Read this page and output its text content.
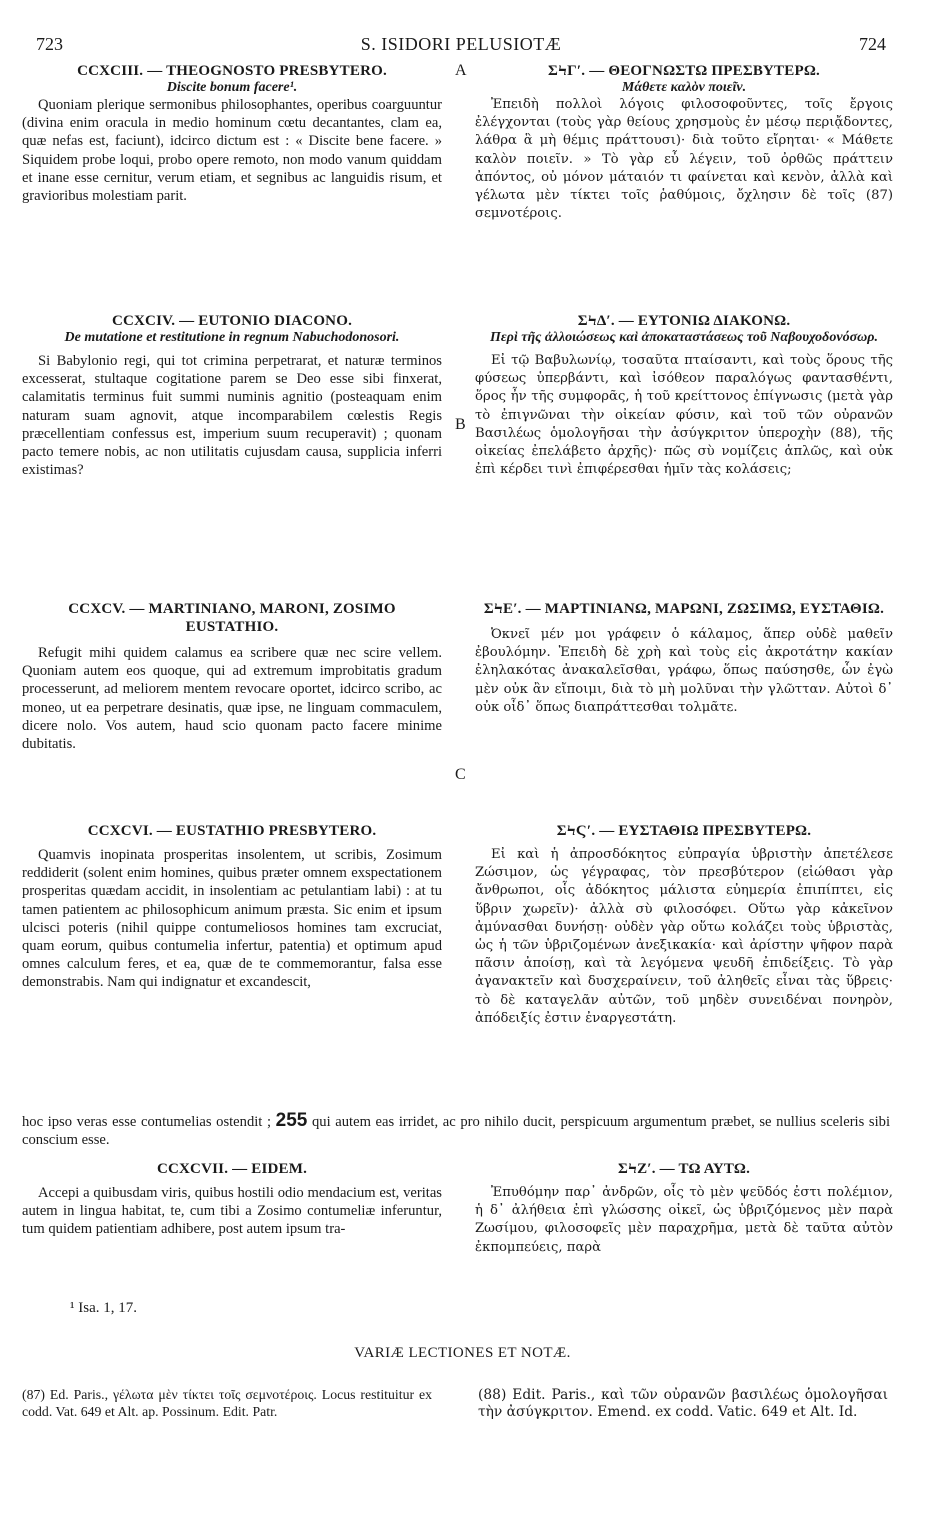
723	S. ISIDORI PELUSIOTÆ	724
A
B
C
CCXCIII. — THEOGNOSTO PRESBYTERO.
Discite bonum facere¹.

Quoniam plerique sermonibus philosophantes, operibus coarguuntur (divina enim oracula in medio hominum cœtu decantantes, clam ea, quæ nefas est, faciunt), idcirco dictum est : « Discite bene facere. » Siquidem probe loqui, probo opere remoto, non modo vanum quiddam et inane esse cernitur, verum etiam, et segnibus ac languidis risum, et gravioribus molestiam parit.

CCXCIV. — EUTONIO DIACONO.
De mutatione et restitutione in regnum Nabuchodonosori.

Si Babylonio regi, qui tot crimina perpetrarat, et naturæ terminos excesserat, stultaque cogitatione parem se Deo esse sibi finxerat, calamitatis terminus fuit summi numinis agnitio (posteaquam enim naturam suam agnovit, atque incomparabilem cœlestis Regis præcellentiam confessus est, imperium suum recuperavit) ; quonam pacto temere nobis, ac non utilitatis cujusdam causa, supplicia inferri existimas?

CCXCV. — MARTINIANO, MARONI, ZOSIMO EUSTATHIO.

Refugit mihi quidem calamus ea scribere quæ nec scire vellem. Quoniam autem eos quoque, qui ad extremum improbitatis gradum processerunt, ad meliorem mentem revocare oportet, idcirco scribo, ac moneo, ut ea perpetrare desinatis, quæ ipse, ne linguam commaculem, dicere nolo. Vos autem, haud scio quonam pacto facere minime dubitatis.

CCXCVI. — EUSTATHIO PRESBYTERO.

Quamvis inopinata prosperitas insolentem, ut scribis, Zosimum reddiderit (solent enim homines, quibus præter omnem exspectationem prosperitas quædam accidit, in insolentiam ac petulantiam labi) : at tu tamen patientem ac philosophicum animum præsta. Sic enim et ipsum ulcisci poteris (nihil quippe contumeliosos homines tam excruciat, quam eorum, quibus contumelia infertur, patentia) et optimum apud omnes calculum feres, et ea, quæ de te commemorantur, falsa esse demonstrabis. Nam qui indignatur et excandescit,

CCXCVII. — EIDEM.

Accepi a quibusdam viris, quibus hostili odio mendacium est, veritas autem in lingua habitat, te, cum tibi a Zosimo contumeliæ inferuntur, tum quidem patientiam adhibere, post autem ipsum tra-

ΣϞΓʹ. — ΘΕΟΓΝΩΣΤΩ ΠΡΕΣΒΥΤΕΡΩ.
Μάθετε καλὸν ποιεῖν.

Ἐπειδὴ πολλοὶ λόγοις φιλοσοφοῦντες, τοῖς ἔργοις ἐλέγχονται (τοὺς γὰρ θείους χρησμοὺς ἐν μέσῳ περιᾄδοντες, λάθρα ἃ μὴ θέμις πράττουσι)· διὰ τοῦτο εἴρηται· « Μάθετε καλὸν ποιεῖν. » Τὸ γὰρ εὖ λέγειν, τοῦ ὀρθῶς πράττειν ἀπόντος, οὐ μόνον μάταιόν τι φαίνεται καὶ κενὸν, ἀλλὰ καὶ γέλωτα μὲν τίκτει τοῖς ῥαθύμοις, ὄχλησιν δὲ τοῖς (87) σεμνοτέροις.

ΣϞΔʹ. — ΕΥΤΟΝΙΩ ΔΙΑΚΟΝΩ.
Περὶ τῆς ἀλλοιώσεως καὶ ἀποκαταστάσεως τοῦ Ναβουχοδονόσωρ.

Εἰ τῷ Βαβυλωνίῳ, τοσαῦτα πταίσαντι, καὶ τοὺς ὅρους τῆς φύσεως ὑπερβάντι, καὶ ἰσόθεον παραλόγως φαντασθέντι, ὅρος ἦν τῆς συμφορᾶς, ἡ τοῦ κρείττονος ἐπίγνωσις (μετὰ γὰρ τὸ ἐπιγνῶναι τὴν οἰκείαν φύσιν, καὶ τοῦ τῶν οὐρανῶν Βασιλέως ὁμολογῆσαι τὴν ἀσύγκριτον ὑπεροχὴν (88), τῆς οἰκείας ἐπελάβετο ἀρχῆς)· πῶς σὺ νομίζεις ἁπλῶς, καὶ οὐκ ἐπὶ κέρδει τινὶ ἐπιφέρεσθαι ἡμῖν τὰς κολάσεις;

ΣϞΕʹ. — ΜΑΡΤΙΝΙΑΝΩ, ΜΑΡΩΝΙ, ΖΩΣΙΜΩ, ΕΥΣΤΑΘΙΩ.

Ὀκνεῖ μέν μοι γράφειν ὁ κάλαμος, ἅπερ οὐδὲ μαθεῖν ἐβουλόμην. Ἐπειδὴ δὲ χρὴ καὶ τοὺς εἰς ἀκροτάτην κακίαν ἐληλακότας ἀνακαλεῖσθαι, γράφω, ὅπως παύσησθε, ὧν ἐγὼ μὲν οὐκ ἂν εἴποιμι, διὰ τὸ μὴ μολῦναι τὴν γλῶτταν. Αὐτοὶ δ᾽ οὐκ οἶδ᾽ ὅπως διαπράττεσθαι τολμᾶτε.

ΣϞϚʹ. — ΕΥΣΤΑΘΙΩ ΠΡΕΣΒΥΤΕΡΩ.

Εἰ καὶ ἡ ἀπροσδόκητος εὐπραγία ὑβριστὴν ἀπετέλεσε Ζώσιμον, ὡς γέγραφας, τὸν πρεσβύτερον (εἰώθασι γὰρ ἄνθρωποι, οἷς ἀδόκητος μάλιστα εὐημερία ἐπιπίπτει, εἰς ὕβριν χωρεῖν)· ἀλλὰ σὺ φιλοσόφει. Οὕτω γὰρ κἀκεῖνον ἀμύνασθαι δυνήσῃ· οὐδὲν γὰρ οὕτω κολάζει τοὺς ὑβριστὰς, ὡς ἡ τῶν ὑβριζομένων ἀνεξικακία· καὶ ἀρίστην ψῆφον παρὰ πᾶσιν ἀποίσῃ, καὶ τὰ λεγόμενα ψευδῆ ἐπιδείξεις. Τὸ γὰρ ἀγανακτεῖν καὶ δυσχεραίνειν, τοῦ ἀληθεῖς εἶναι τὰς ὕβρεις· τὸ δὲ καταγελᾶν αὐτῶν, τοῦ μηδὲν συνειδέναι πονηρὸν, ἀπόδειξίς ἐστιν ἐναργεστάτη.

ΣϞΖʹ. — ΤΩ ΑΥΤΩ.

Ἐπυθόμην παρ᾽ ἀνδρῶν, οἷς τὸ μὲν ψεῦδός ἐστι πολέμιον, ἡ δ᾽ ἀλήθεια ἐπὶ γλώσσης οἰκεῖ, ὡς ὑβριζόμενος μὲν παρὰ Ζωσίμου, φιλοσοφεῖς μὲν παραχρῆμα, μετὰ δὲ ταῦτα αὐτὸν ἐκπομπεύεις, παρὰ

hoc ipso veras esse contumelias ostendit ; 255 qui autem eas irridet, ac pro nihilo ducit, perspicuum argumentum præbet, se nullius sceleris sibi conscium esse.
¹ Isa. 1, 17.
VARIÆ LECTIONES ET NOTÆ.
(87) Ed. Paris., γέλωτα μὲν τίκτει τοῖς σεμνοτέροις. Locus restituitur ex codd. Vat. 649 et Alt. ap. Possinum. Edit. Patr.
(88) Edit. Paris., καὶ τῶν οὐρανῶν βασιλέως ὁμολογῆσαι τὴν ἀσύγκριτον. Emend. ex codd. Vatic. 649 et Alt. Id.
